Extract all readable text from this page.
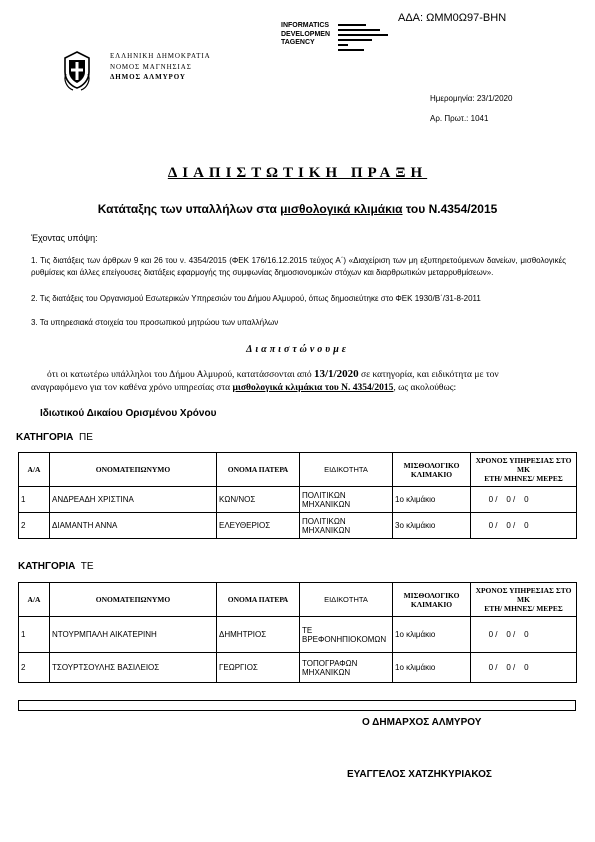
ΑΔΑ: ΩΜΜ0Ω97-ΒΗΝ
INFORMATICS
DEVELOPMEN
TAGENCY
ΕΛΛΗΝΙΚΗ ΔΗΜΟΚΡΑΤΙΑ
ΝΟΜΟΣ ΜΑΓΝΗΣΙΑΣ
ΔΗΜΟΣ ΑΛΜΥΡΟΥ
Ημερομηνία: 23/1/2020
Αρ. Πρωτ.: 1041
ΔΙΑΠΙΣΤΩΤΙΚΗ ΠΡΑΞΗ
Κατάταξης των υπαλλήλων στα μισθολογικά κλιμάκια του Ν.4354/2015
Έχοντας υπόψη:
1. Τις διατάξεις των άρθρων 9 και 26 του ν. 4354/2015 (ΦΕΚ 176/16.12.2015 τεύχος Α΄) «Διαχείριση των μη εξυπηρετούμενων δανείων, μισθολογικές ρυθμίσεις και άλλες επείγουσες διατάξεις εφαρμογής της συμφωνίας δημοσιονομικών στόχων και διαρθρωτικών μεταρρυθμίσεων».
2. Τις διατάξεις του Οργανισμού Εσωτερικών Υπηρεσιών του Δήμου Αλμυρού, όπως δημοσιεύτηκε στο ΦΕΚ 1930/Β΄/31-8-2011
3. Τα υπηρεσιακά στοιχεία του προσωπικού μητρώου των υπαλλήλων
Διαπιστώνουμε
ότι οι κατωτέρω υπάλληλοι του Δήμου Αλμυρού, κατατάσσονται από 13/1/2020 σε κατηγορία, και ειδικότητα με τον αναγραφόμενο για τον καθένα χρόνο υπηρεσίας στα μισθολογικά κλιμάκια του Ν. 4354/2015, ως ακολούθως:
Ιδιωτικού Δικαίου Ορισμένου Χρόνου
ΚΑΤΗΓΟΡΙΑ ΠΕ
Α/Α	ΟΝΟΜΑΤΕΠΩΝΥΜΟ	ΟΝΟΜΑ ΠΑΤΕΡΑ	ΕΙΔΙΚΟΤΗΤΑ	ΜΙΣΘΟΛΟΓΙΚΟ ΚΛΙΜΑΚΙΟ	ΧΡΟΝΟΣ ΥΠΗΡΕΣΙΑΣ ΣΤΟ ΜΚ
ΕΤΗ/ ΜΗΝΕΣ/ ΜΕΡΕΣ

1	ΑΝΔΡΕΑΔΗ ΧΡΙΣΤΙΝΑ	ΚΩΝ/ΝΟΣ	ΠΟΛΙΤΙΚΩΝ ΜΗΧΑΝΙΚΩΝ	1ο κλιμάκιο	0 /    0 /    0
2	ΔΙΑΜΑΝΤΗ ΑΝΝΑ	ΕΛΕΥΘΕΡΙΟΣ	ΠΟΛΙΤΙΚΩΝ ΜΗΧΑΝΙΚΩΝ	3ο κλιμάκιο	0 /    0 /    0
ΚΑΤΗΓΟΡΙΑ ΤΕ
Α/Α	ΟΝΟΜΑΤΕΠΩΝΥΜΟ	ΟΝΟΜΑ ΠΑΤΕΡΑ	ΕΙΔΙΚΟΤΗΤΑ	ΜΙΣΘΟΛΟΓΙΚΟ ΚΛΙΜΑΚΙΟ	ΧΡΟΝΟΣ ΥΠΗΡΕΣΙΑΣ ΣΤΟ ΜΚ
ΕΤΗ/ ΜΗΝΕΣ/ ΜΕΡΕΣ

1	ΝΤΟΥΡΜΠΑΛΗ ΑΙΚΑΤΕΡΙΝΗ	ΔΗΜΗΤΡΙΟΣ	ΤΕ ΒΡΕΦΟΝΗΠΙΟΚΟΜΩΝ	1ο κλιμάκιο	0 /    0 /    0
2	ΤΣΟΥΡΤΣΟΥΛΗΣ ΒΑΣΙΛΕΙΟΣ	ΓΕΩΡΓΙΟΣ	ΤΟΠΟΓΡΑΦΩΝ ΜΗΧΑΝΙΚΩΝ	1ο κλιμάκιο	0 /    0 /    0
Ο ΔΗΜΑΡΧΟΣ ΑΛΜΥΡΟΥ
ΕΥΑΓΓΕΛΟΣ ΧΑΤΖΗΚΥΡΙΑΚΟΣ
